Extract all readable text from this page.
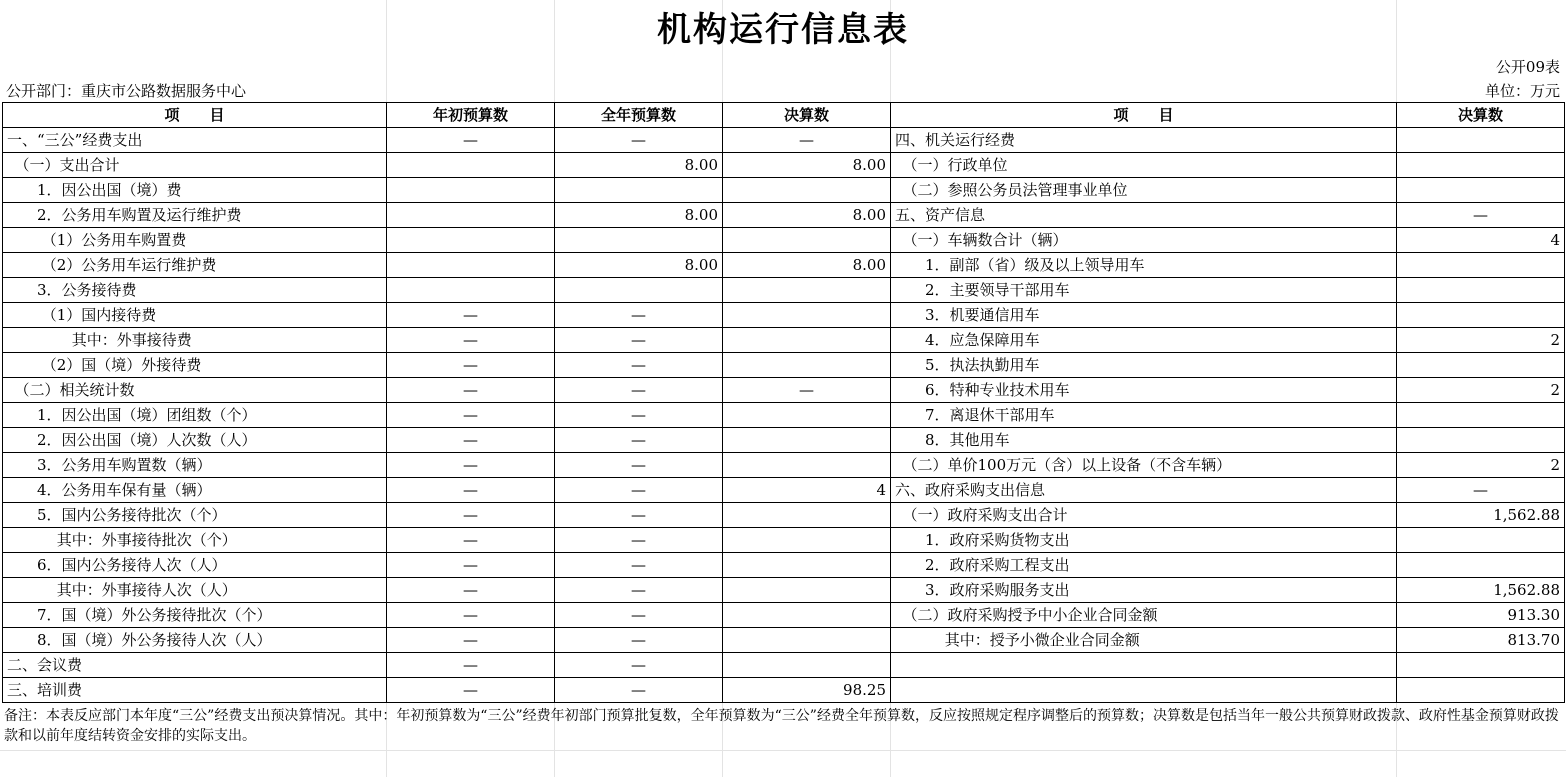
机构运行信息表
公开09表
公开部门：重庆市公路数据服务中心	单位：万元
项　　目	年初预算数	全年预算数	决算数	项　　目	决算数
一、“三公”经费支出	—	—	—	四、机关运行经费	
　（一）支出合计		8.00	8.00	　（一）行政单位	
　　1．因公出国（境）费				　（二）参照公务员法管理事业单位	
　　2．公务用车购置及运行维护费		8.00	8.00	五、资产信息	—
　　 （1）公务用车购置费				　（一）车辆数合计（辆）	4
　　 （2）公务用车运行维护费		8.00	8.00	　　1．副部（省）级及以上领导用车	
　　3．公务接待费				　　2．主要领导干部用车	
　　 （1）国内接待费	—	—		　　3．机要通信用车	
　　　　 其中：外事接待费	—	—		　　4．应急保障用车	2
　　 （2）国（境）外接待费	—	—		　　5．执法执勤用车	
　（二）相关统计数	—	—	—	　　6．特种专业技术用车	2
　　1．因公出国（境）团组数（个）	—	—		　　7．离退休干部用车	
　　2．因公出国（境）人次数（人）	—	—		　　8．其他用车	
　　3．公务用车购置数（辆）	—	—		　（二）单价100万元（含）以上设备（不含车辆）	2
　　4．公务用车保有量（辆）	—	—	4	六、政府采购支出信息	—
　　5．国内公务接待批次（个）	—	—		　（一）政府采购支出合计	1,562.88
　　　 其中：外事接待批次（个）	—	—		　　1．政府采购货物支出	
　　6．国内公务接待人次（人）	—	—		　　2．政府采购工程支出	
　　　 其中：外事接待人次（人）	—	—		　　3．政府采购服务支出	1,562.88
　　7．国（境）外公务接待批次（个）	—	—		　（二）政府采购授予中小企业合同金额	913.30
　　8．国（境）外公务接待人次（人）	—	—		　　　 其中：授予小微企业合同金额	813.70
二、会议费	—	—			
三、培训费	—	—	98.25		
备注：本表反应部门本年度“三公”经费支出预决算情况。其中：年初预算数为“三公”经费年初部门预算批复数，全年预算数为“三公”经费全年预算数，反应按照规定程序调整后的预算数；决算数是包括当年一般公共预算财政拨款、政府性基金预算财政拨款和以前年度结转资金安排的实际支出。
